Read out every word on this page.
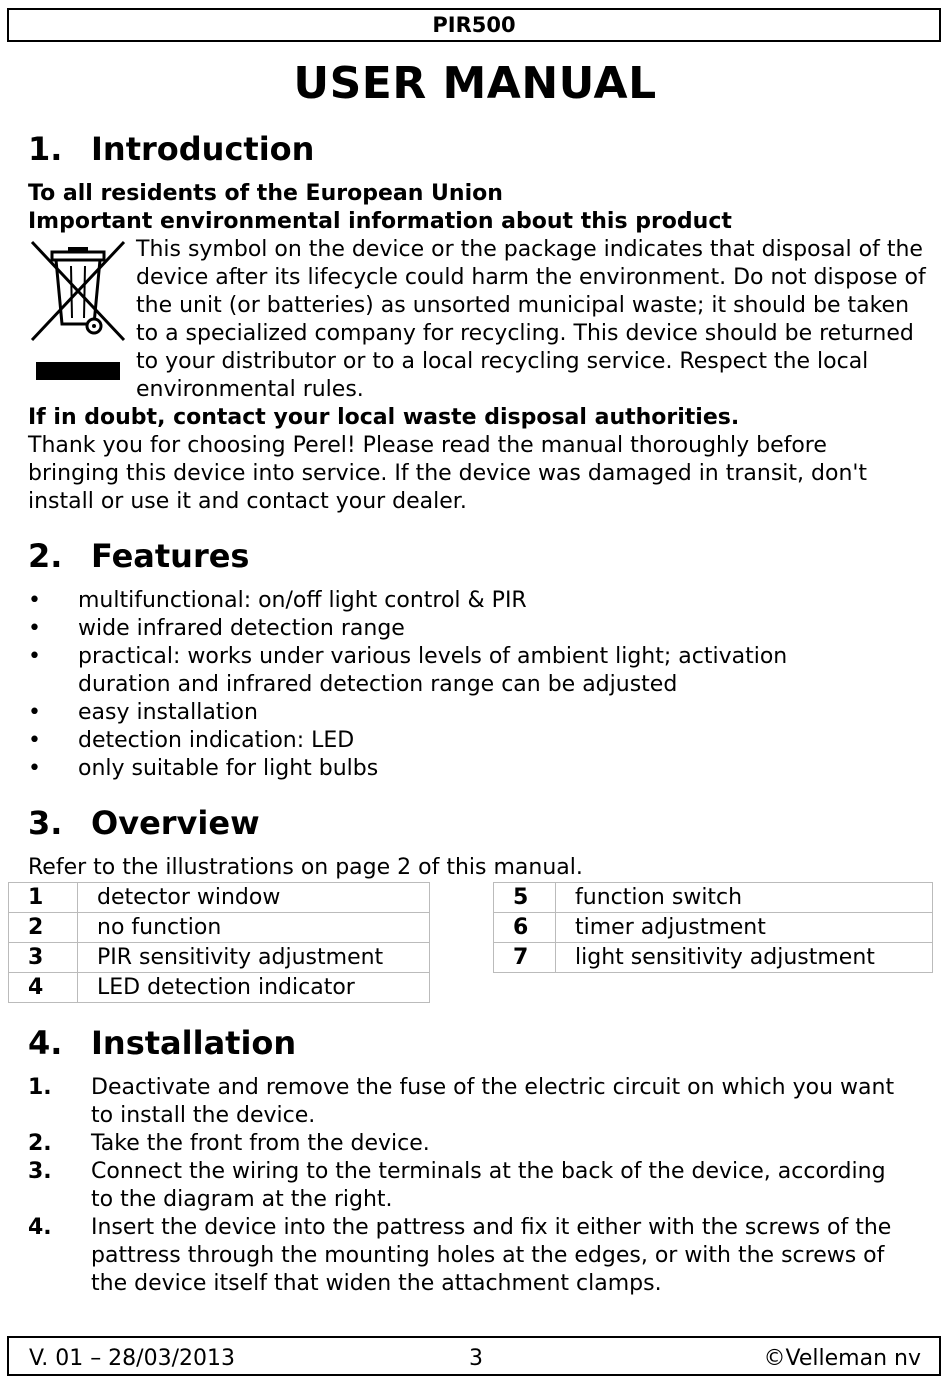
PIR500
USER MANUAL
1. Introduction
To all residents of the European Union
Important environmental information about this product
This symbol on the device or the package indicates that disposal of the device after its lifecycle could harm the environment. Do not dispose of the unit (or batteries) as unsorted municipal waste; it should be taken to a specialized company for recycling. This device should be returned to your distributor or to a local recycling service. Respect the local environmental rules.
If in doubt, contact your local waste disposal authorities.
Thank you for choosing Perel! Please read the manual thoroughly before bringing this device into service. If the device was damaged in transit, don't install or use it and contact your dealer.
2. Features
• multifunctional: on/off light control & PIR
• wide infrared detection range
• practical: works under various levels of ambient light; activation duration and infrared detection range can be adjusted
• easy installation
• detection indication: LED
• only suitable for light bulbs
3. Overview
Refer to the illustrations on page 2 of this manual.
1	detector window
2	no function
3	PIR sensitivity adjustment
4	LED detection indicator
5	function switch
6	timer adjustment
7	light sensitivity adjustment
4. Installation
1. Deactivate and remove the fuse of the electric circuit on which you want to install the device.
2. Take the front from the device.
3. Connect the wiring to the terminals at the back of the device, according to the diagram at the right.
4. Insert the device into the pattress and fix it either with the screws of the pattress through the mounting holes at the edges, or with the screws of the device itself that widen the attachment clamps.
V. 01 – 28/03/2013	3	©Velleman nv
